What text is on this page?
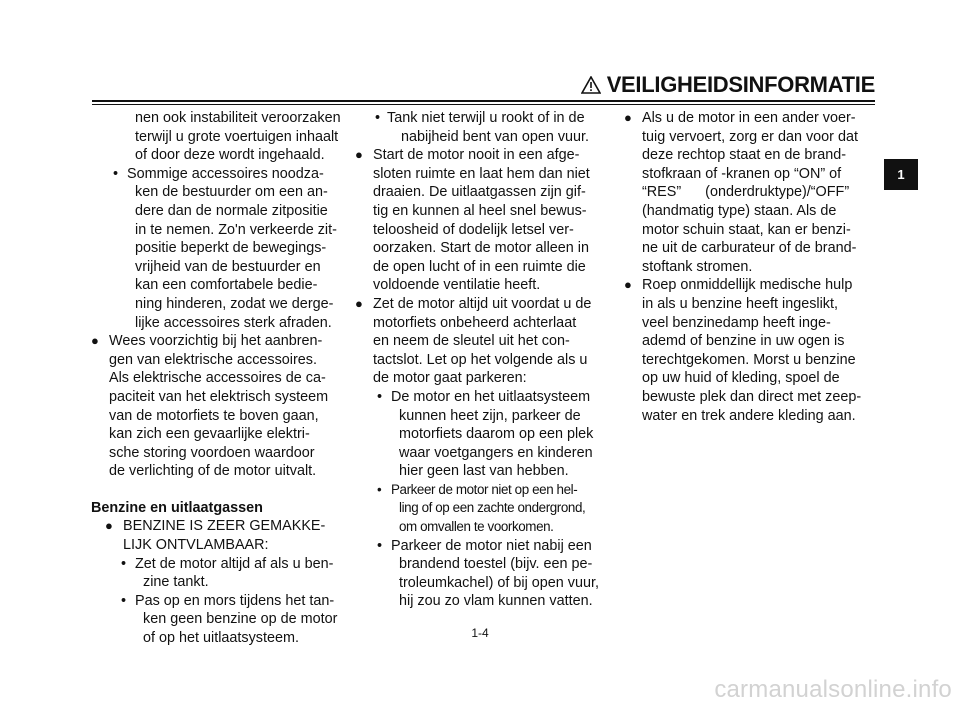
VEILIGHEIDSINFORMATIE
nen ook instabiliteit veroorzaken
terwijl u grote voertuigen inhaalt
of door deze wordt ingehaald.
• Sommige accessoires noodza-
ken de bestuurder om een an-
dere dan de normale zitpositie
in te nemen. Zo'n verkeerde zit-
positie beperkt de bewegings-
vrijheid van de bestuurder en
kan een comfortabele bedie-
ning hinderen, zodat we derge-
lijke accessoires sterk afraden.
● Wees voorzichtig bij het aanbren-
gen van elektrische accessoires.
Als elektrische accessoires de ca-
paciteit van het elektrisch systeem
van de motorfiets te boven gaan,
kan zich een gevaarlijke elektri-
sche storing voordoen waardoor
de verlichting of de motor uitvalt.
Benzine en uitlaatgassen
● BENZINE IS ZEER GEMAKKE-
LIJK ONTVLAMBAAR:
• Zet de motor altijd af als u ben-
zine tankt.
• Pas op en mors tijdens het tan-
ken geen benzine op de motor
of op het uitlaatsysteem.
• Tank niet terwijl u rookt of in de
nabijheid bent van open vuur.
● Start de motor nooit in een afge-
sloten ruimte en laat hem dan niet
draaien. De uitlaatgassen zijn gif-
tig en kunnen al heel snel bewus-
teloosheid of dodelijk letsel ver-
oorzaken. Start de motor alleen in
de open lucht of in een ruimte die
voldoende ventilatie heeft.
● Zet de motor altijd uit voordat u de
motorfiets onbeheerd achterlaat
en neem de sleutel uit het con-
tactslot. Let op het volgende als u
de motor gaat parkeren:
• De motor en het uitlaatsysteem
kunnen heet zijn, parkeer de
motorfiets daarom op een plek
waar voetgangers en kinderen
hier geen last van hebben.
• Parkeer de motor niet op een hel-
ling of op een zachte ondergrond,
om omvallen te voorkomen.
• Parkeer de motor niet nabij een
brandend toestel (bijv. een pe-
troleumkachel) of bij open vuur,
hij zou zo vlam kunnen vatten.
● Als u de motor in een ander voer-
tuig vervoert, zorg er dan voor dat
deze rechtop staat en de brand-
stofkraan of -kranen op “ON” of
“RES” (onderdruktype)/“OFF”
(handmatig type) staan. Als de
motor schuin staat, kan er benzi-
ne uit de carburateur of de brand-
stoftank stromen.
● Roep onmiddellijk medische hulp
in als u benzine heeft ingeslikt,
veel benzinedamp heeft inge-
ademd of benzine in uw ogen is
terechtgekomen. Morst u benzine
op uw huid of kleding, spoel de
bewuste plek dan direct met zeep-
water en trek andere kleding aan.
1
1-4
carmanualsonline.info
